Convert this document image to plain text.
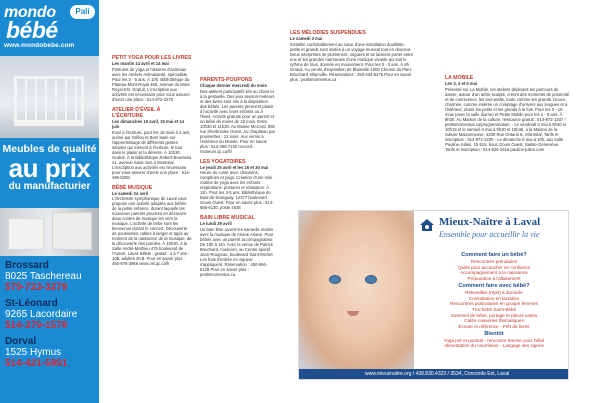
mondo
bébé
Pali
www.mondobebe.com
Meubles de qualité
au prix
du manufacturier
Brossard
8025 Taschereau
579-723-3279
St-Léonard
9265 Lacordaire
514-379-1579
Dorval
1525 Hymus
514-421-5891
PETIT YOGA POUR LES LIVRES
Les mardis 14 avril et 14 mai
Postures de yoga et histoires d'animaux avec les Ateliers Animasanté, spécialiste. Pour les 3 - 5 ans. À 10h. Bibliothèque du Plateau-Mont-Royal 465, avenue du Mont-Royal Est. Gratuit. L'inscription aux activités est nécessaire pour vous assurer d'avoir une place : 514-872-2270
ATELIER D'ÉVEIL À L'ÉCRITURE
Les dimanches 10 avril, 10 mai et 14 juin
Éveil à l'écriture, pour les 18 mois à 4 ans, animé par Grillou et Bon! basé sur l'apprentissage de différents gestes simples qui mènent à l'écriture, le tout dans le plaisir et la détente. À 10h30. Gratuit. À la Bibliothèque Robert-Bourassa 41, avenue Saint-Just à Montréal. L'inscription aux activités est nécessaire pour vous assurer d'avoir une place : 514-495-6208
BÉBÉ MUSIQUE
Le samedi 24 avril
L'Orchestre symphonique de Laval vous propose une activité adaptée aux bébés de la petite enfance, durant laquelle les nouveaux parents pourront en découvrir deux contes de musique les vers la musique. L'activité de bébé sont les bienvenus durant le concert. Découverte de poussettes, tables à langer et tapis au moment de la naissance de la musique, de la découverte des paroles. À 10h30, à la Salle André-Mathieu 475 boulevard de l'Avenir, Laval. Billets : gratuit : 4 à 7 ans : 10$, adultes 20 $. Pour en savoir plus : 450-978-3666 www.osl.qc.ca/fr
PARENTS-POUPONS
Chaque dernier mercredi du mois
Des ateliers participatifs liés au chant et à la gestuelle. Des jeux sensori-moteurs et des livres sont mis à la disposition des bébés. Les parents prennent plaisir à l'activité avec leurs enfants ou à l'éveil. Activité gratuite pour un parent et un bébé de moins de 18 mois. Entre 10h30 et 11h30. Au Musée McCord, 690 rue Sherbrooke Ouest. Au chapiteau par poussettes : 12 mois. Aux vernis à l'extérieur du Musée. Pour en savoir plus : 514-398-7100 mccord-museum.qc.ca/fr/
LES YOGATOIRES
Le jeudi 25 avril et les 16 et 30 mai
Heure du conte avec chansons, comptines et yoga. Création d'une mini routine de yoga avec les enfants : respirations, postures et relaxation. À 11h. Pour les 3-5 ans. Bibliothèque du Bois-de-Saraguay, 12277 boulevard Gouin Ouest. Pour en savoir plus : 514-855-6130, poste 4636
BAIN LIBRE MUSICAL
Le lundi 29 avril
Un bain libre ouvert les samedis matins avec la musique de Ariane Ariane. Pour bébés avec un parent accompagnateur. De 10h à 11h. Avec la venue de Patrick Bouchard, musicien, au Centre sportif Jean-Rougeau, boulevard Saint-Michel. Les frais d'entrée en vigueur s'appliquent. Réservation : 450-694-8125 Pour en savoir plus : petitsmomentus.ca
LES MÉLODIES SUSPENDUES
Le samedi 3 mai
Installée confortablement au cœur d'une installation douillette, petits et grands sont invités à un voyage musical tout en douceur. Deux interprètes se promènent, voguent et se laissent porter entre eux et les grandes harmonies d'une musique vivante qui suit le rythme de tous, donnée en mouvement. Pour les 0 - 3 ans. À 9h. Gratuit. Au centre d'exposition de Blainville 1000 Chemin du Plan-Bouchard, Blainville. Réservations : 450-434-5275 Pour en savoir plus : petitsmomentus.ca	LA MOBILE
Les 3, 4 et 5 mai
Présenté sur La Mobile, les ateliers déploient les parcours de danse, autour d'un arbre sculpté, créent des moments de proximité et de connivence, les tout-petits, toute comme les grands. Douce, charmée, comme insérée un comptage d'univers aux langues et à l'intérieur, réunit les petits et les grands à la fois. Pour les 0 - 15 mois (avec la salle diurne) et Petite Mobile pour les 2 - 5 ans. À 9h30. Au Maison de la culture, ressource gratuit : 514-872-1207 / petitsmomentus.ca/programmation. - Le vendredi 3 mai à 9h30 et 10h15 et le samedi 4 mai à 9h30 et 10h45, à la Maison de la culture Maisonneuve, 4200 Rue Ontario E, Montréal. Tarifs et inscription : 514-872-2200 - Le dimanche 5 mai à 10h, aux salle Pauline-Julien, 15 615, boul. Gouin Ouest, Sainte-Geneviève. Tarifs et inscription : 514-626-1616 pauline-julien.com
Mieux-Naître à Laval
Ensemble pour accueillir la vie
Comment faire un bébé?
Rencontres prénatales
Quilts pour accoucher en confiance
Accompagnement à la naissance
Préparation à l'allaitement
Comment faire avec bébé?
Relevailles (répit) à domicile
Consultation en lactation
Rencontres postnatales en groupe femmes
Troc'bébé Saint-Bébé
Sommeil de bébé, portage et pleurs variés
Cafés-causeries thématiques
Écoute et référence - Prêt de livres
Bientôt
Yoga pré et postnal - rencontre femme avec bébé
Alimentation du nourrisson - Langage des signes
www.mieuxnaitre.org / 438.830.4323 / 3534, Concorde Est, Laval
